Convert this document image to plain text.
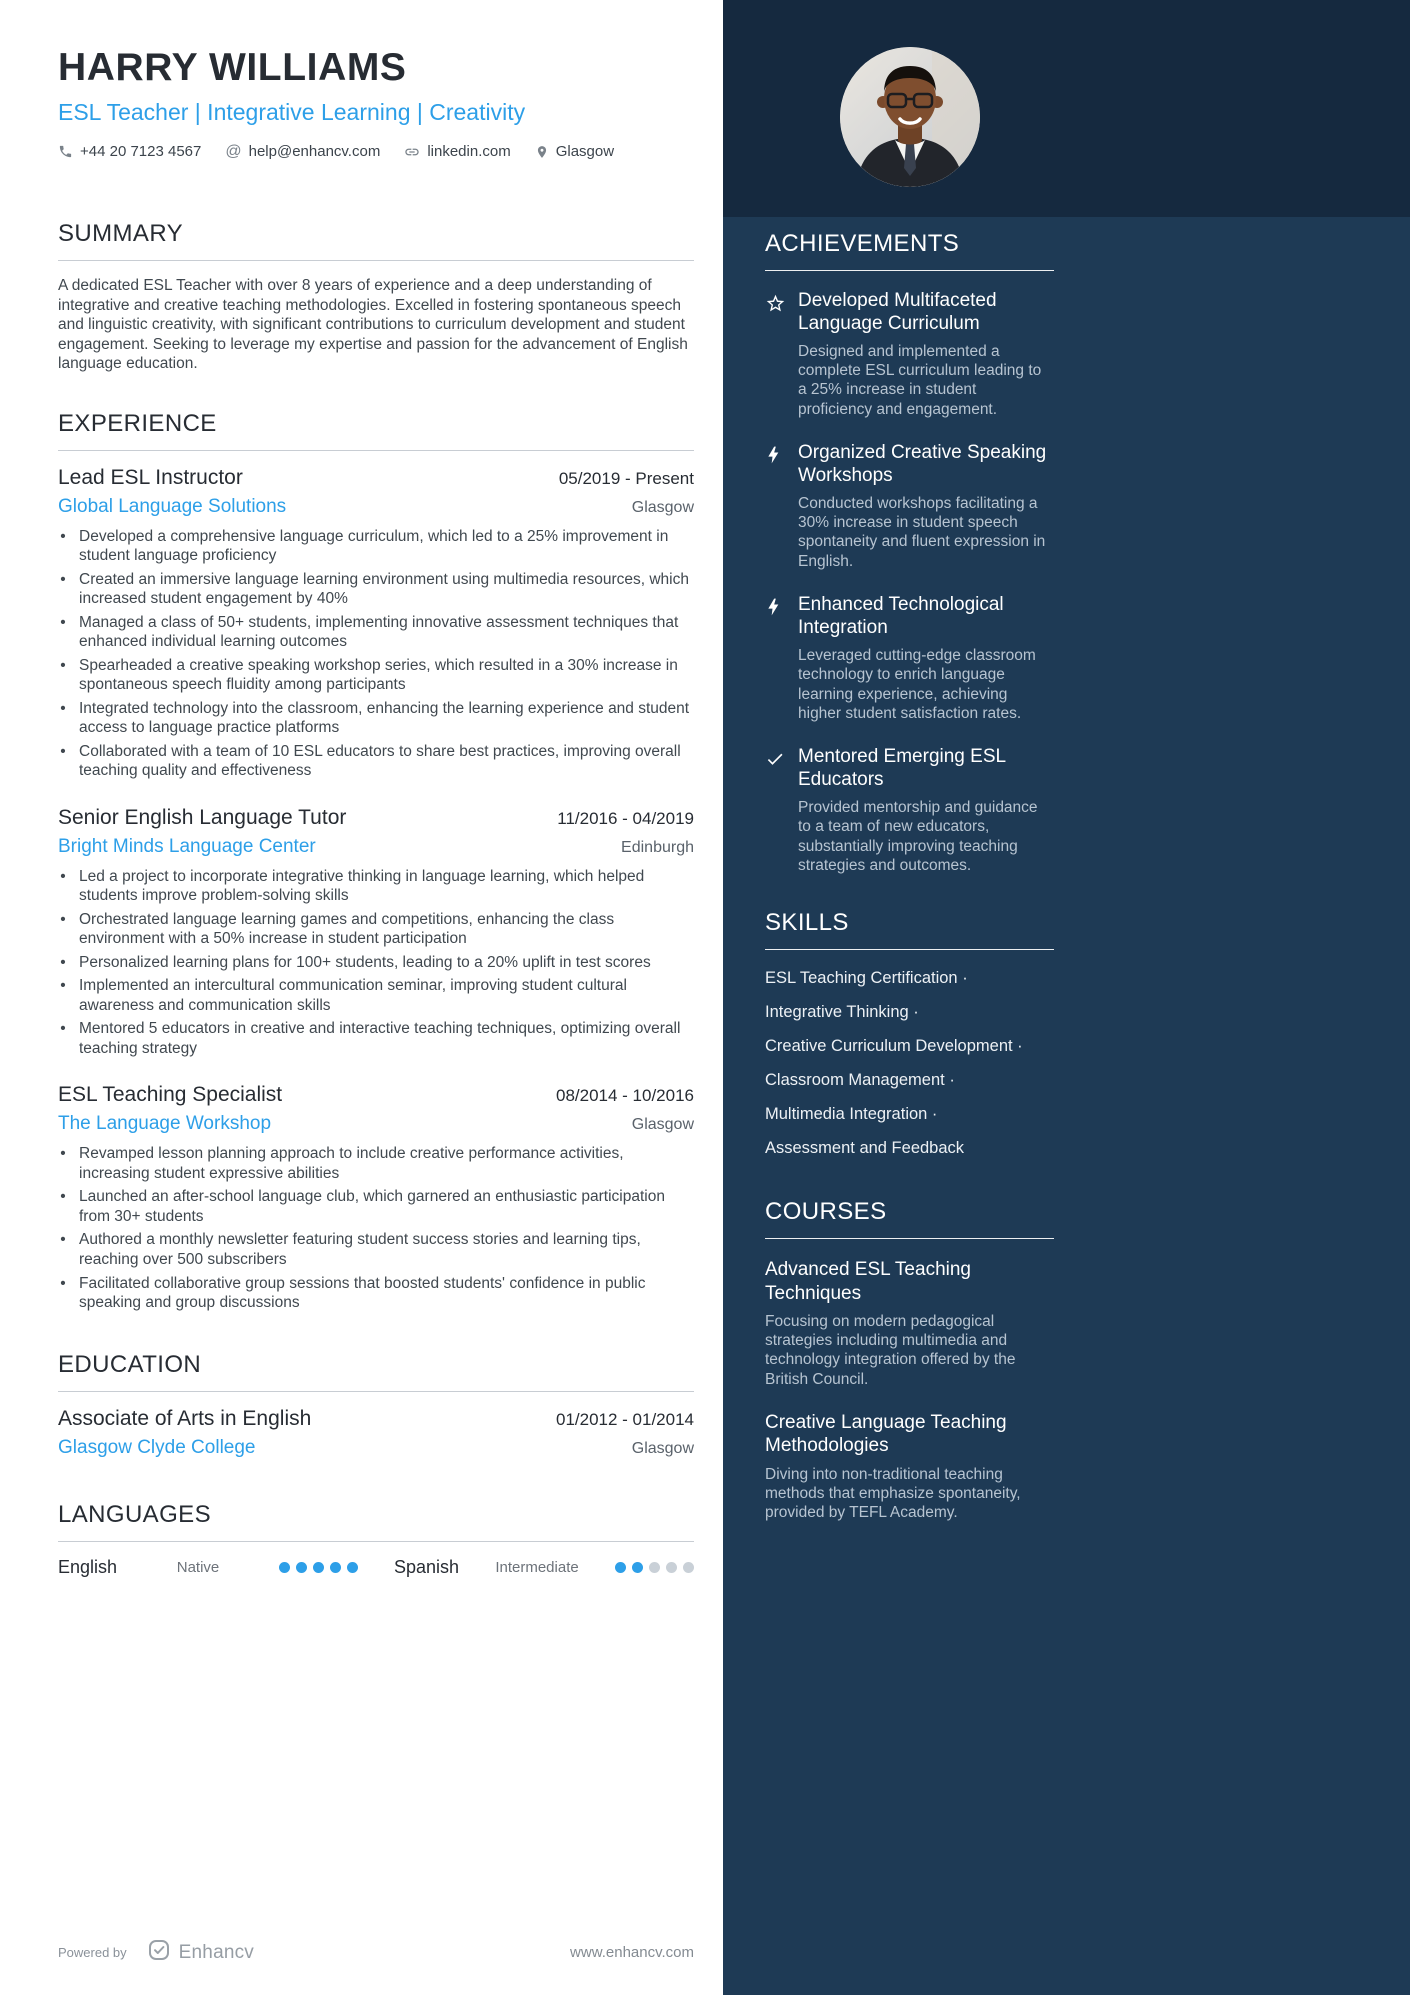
HARRY WILLIAMS
ESL Teacher | Integrative Learning | Creativity
+44 20 7123 4567 @ help@enhancv.com	linkedin.com	Glasgow
SUMMARY
A dedicated ESL Teacher with over 8 years of experience and a deep understanding of integrative and creative teaching methodologies. Excelled in fostering spontaneous speech and linguistic creativity, with significant contributions to curriculum development and student engagement. Seeking to leverage my expertise and passion for the advancement of English language education.
EXPERIENCE
Lead ESL Instructor	05/2019 - Present
Global Language Solutions	Glasgow
• Developed a comprehensive language curriculum, which led to a 25% improvement in student language proficiency
• Created an immersive language learning environment using multimedia resources, which increased student engagement by 40%
• Managed a class of 50+ students, implementing innovative assessment techniques that enhanced individual learning outcomes
• Spearheaded a creative speaking workshop series, which resulted in a 30% increase in spontaneous speech fluidity among participants
• Integrated technology into the classroom, enhancing the learning experience and student access to language practice platforms
• Collaborated with a team of 10 ESL educators to share best practices, improving overall teaching quality and effectiveness
Senior English Language Tutor	11/2016 - 04/2019
Bright Minds Language Center	Edinburgh
• Led a project to incorporate integrative thinking in language learning, which helped students improve problem-solving skills
• Orchestrated language learning games and competitions, enhancing the class environment with a 50% increase in student participation
• Personalized learning plans for 100+ students, leading to a 20% uplift in test scores
• Implemented an intercultural communication seminar, improving student cultural awareness and communication skills
• Mentored 5 educators in creative and interactive teaching techniques, optimizing overall teaching strategy
ESL Teaching Specialist	08/2014 - 10/2016
The Language Workshop	Glasgow
• Revamped lesson planning approach to include creative performance activities, increasing student expressive abilities
• Launched an after-school language club, which garnered an enthusiastic participation from 30+ students
• Authored a monthly newsletter featuring student success stories and learning tips, reaching over 500 subscribers
• Facilitated collaborative group sessions that boosted students' confidence in public speaking and group discussions
EDUCATION
Associate of Arts in English	01/2012 - 01/2014
Glasgow Clyde College	Glasgow
LANGUAGES
English	Native	Spanish Intermediate
Powered by	Enhancv	www.enhancv.com
ACHIEVEMENTS
Developed Multifaceted Language Curriculum
Designed and implemented a complete ESL curriculum leading to a 25% increase in student proficiency and engagement.
Organized Creative Speaking Workshops
Conducted workshops facilitating a 30% increase in student speech spontaneity and fluent expression in English.
Enhanced Technological Integration
Leveraged cutting-edge classroom technology to enrich language learning experience, achieving higher student satisfaction rates.
Mentored Emerging ESL Educators
Provided mentorship and guidance to a team of new educators, substantially improving teaching strategies and outcomes.
SKILLS
ESL Teaching Certification ·
Integrative Thinking ·
Creative Curriculum Development ·
Classroom Management ·
Multimedia Integration ·
Assessment and Feedback
COURSES
Advanced ESL Teaching Techniques
Focusing on modern pedagogical strategies including multimedia and technology integration offered by the British Council.
Creative Language Teaching Methodologies
Diving into non-traditional teaching methods that emphasize spontaneity, provided by TEFL Academy.
